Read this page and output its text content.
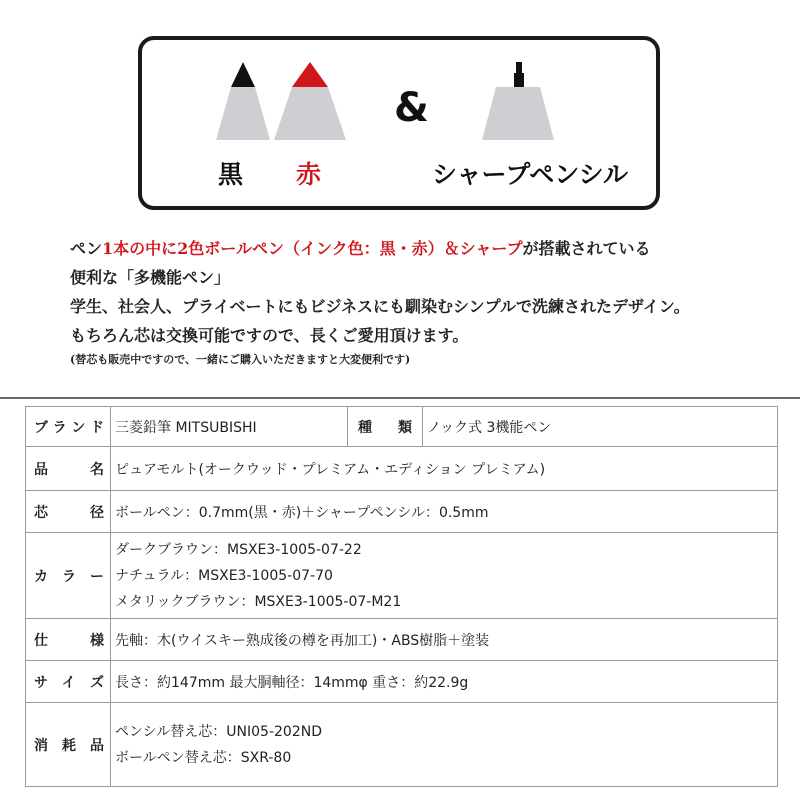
&
黒 赤	シャープペンシル
ペン1本の中に2色ボールペン（インク色：黒・赤）＆シャープが搭載されている
便利な「多機能ペン」
学生、社会人、プライベートにもビジネスにも馴染むシンプルで洗練されたデザイン。
もちろん芯は交換可能ですので、長くご愛用頂けます。
(替芯も販売中ですので、一緒にご購入いただきますと大変便利です)
ブランド	三菱鉛筆 MITSUBISHI	種　類	ノック式 3機能ペン
品　名	ピュアモルト(オークウッド・プレミアム・エディション プレミアム)		
芯　径	ボールペン：0.7mm(黒・赤)＋シャープペンシル：0.5mm		
カラー	ダークブラウン：MSXE3-1005-07-22
ナチュラル：MSXE3-1005-07-70
メタリックブラウン：MSXE3-1005-07-M21		

仕　様	先軸：木(ウイスキー熟成後の樽を再加工)・ABS樹脂＋塗装		
サイズ	長さ：約147mm 最大胴軸径：14mmφ 重さ：約22.9g		
消耗品	ペンシル替え芯：UNI05-202ND
ボールペン替え芯：SXR-80		
